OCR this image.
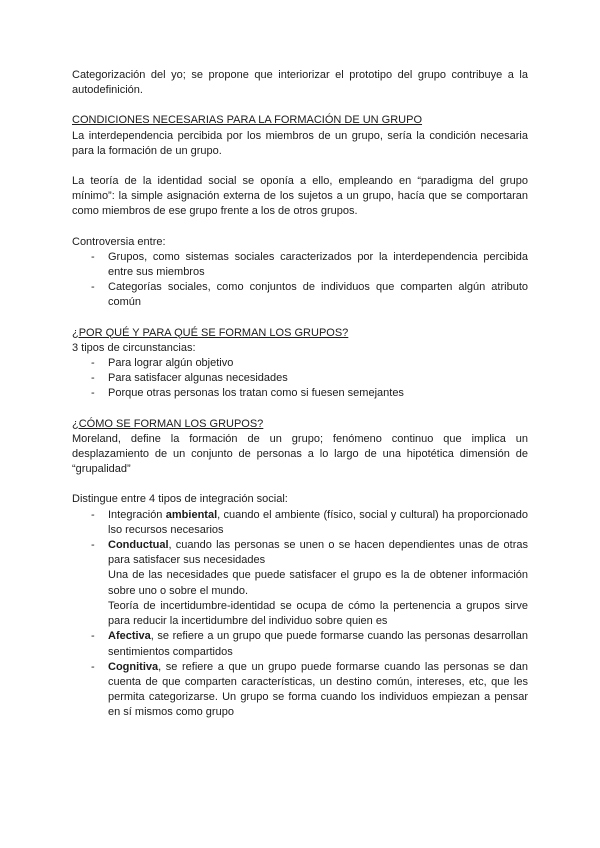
Categorización del yo; se propone que interiorizar el prototipo del grupo contribuye a la autodefinición.

CONDICIONES NECESARIAS PARA LA FORMACIÓN DE UN GRUPO

La interdependencia percibida por los miembros de un grupo, sería la condición necesaria para la formación de un grupo.

La teoría de la identidad social se oponía a ello, empleando en “paradigma del grupo mínimo”: la simple asignación externa de los sujetos a un grupo, hacía que se comportaran como miembros de ese grupo frente a los de otros grupos.

Controversia entre:

- Grupos, como sistemas sociales caracterizados por la interdependencia percibida entre sus miembros
- Categorías sociales, como conjuntos de individuos que comparten algún atributo común

¿POR QUÉ Y PARA QUÉ SE FORMAN LOS GRUPOS?

3 tipos de circunstancias:

- Para lograr algún objetivo
- Para satisfacer algunas necesidades
- Porque otras personas los tratan como si fuesen semejantes

¿CÓMO SE FORMAN LOS GRUPOS?

Moreland, define la formación de un grupo; fenómeno continuo que implica un desplazamiento de un conjunto de personas a lo largo de una hipotética dimensión de “grupalidad”

Distingue entre 4 tipos de integración social:

- Integración ambiental, cuando el ambiente (físico, social y cultural) ha proporcionado lso recursos necesarios
- Conductual, cuando las personas se unen o se hacen dependientes unas de otras para satisfacer sus necesidades
Una de las necesidades que puede satisfacer el grupo es la de obtener información sobre uno o sobre el mundo.
Teoría de incertidumbre-identidad se ocupa de cómo la pertenencia a grupos sirve para reducir la incertidumbre del individuo sobre quien es
- Afectiva, se refiere a un grupo que puede formarse cuando las personas desarrollan sentimientos compartidos
- Cognitiva, se refiere a que un grupo puede formarse cuando las personas se dan cuenta de que comparten características, un destino común, intereses, etc, que les permita categorizarse. Un grupo se forma cuando los individuos empiezan a pensar en sí mismos como grupo
